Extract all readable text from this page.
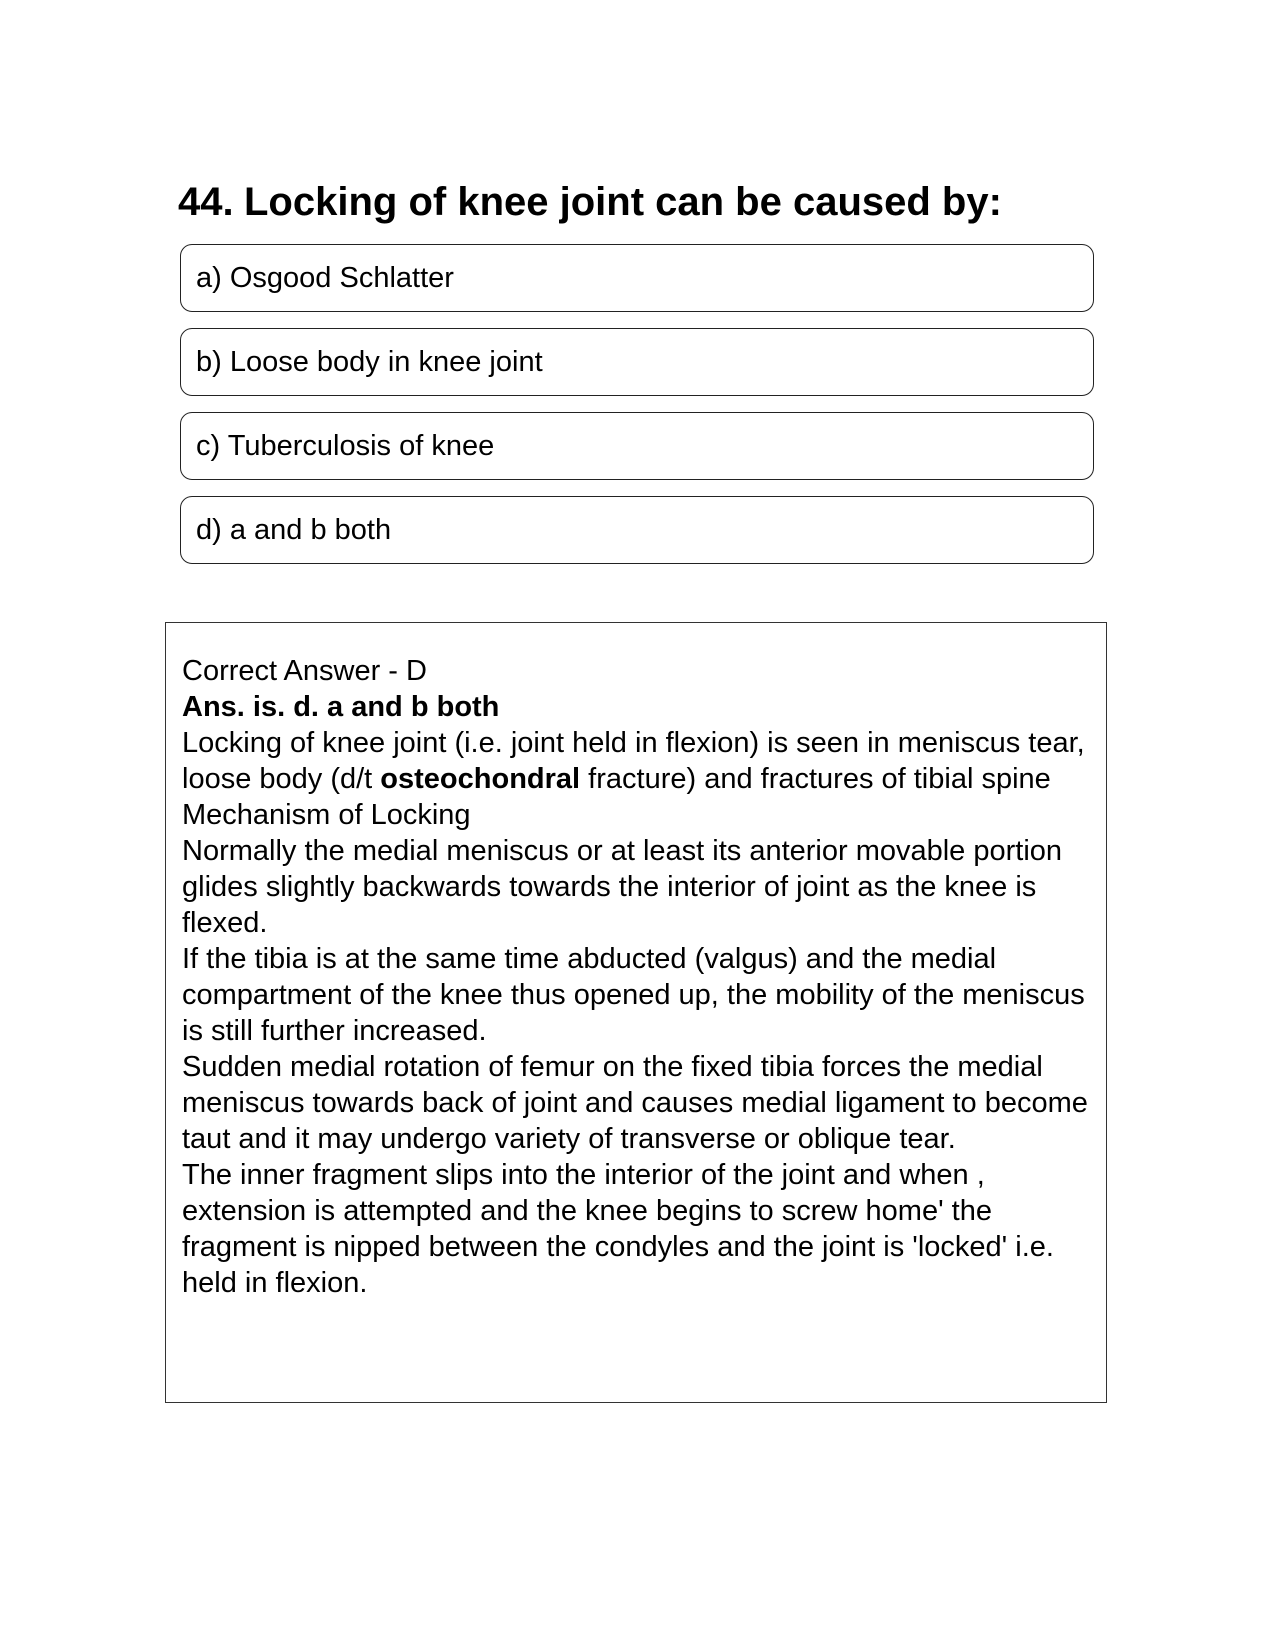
44. Locking of knee joint can be caused by:
a) Osgood Schlatter
b) Loose body in knee joint
c) Tuberculosis of knee
d) a and b both

Correct Answer - D

Ans. is. d. a and b both

Locking of knee joint (i.e. joint held in flexion) is seen in meniscus tear, loose body (d/t osteochondral fracture) and fractures of tibial spine

Mechanism of Locking

Normally the medial meniscus or at least its anterior movable portion glides slightly backwards towards the interior of joint as the knee is flexed.

If the tibia is at the same time abducted (valgus) and the medial compartment of the knee thus opened up, the mobility of the meniscus is still further increased.

Sudden medial rotation of femur on the fixed tibia forces the medial meniscus towards back of joint and causes medial ligament to become taut and it may undergo variety of transverse or oblique tear.

The inner fragment slips into the interior of the joint and when , extension is attempted and the knee begins to screw home' the fragment is nipped between the condyles and the joint is 'locked' i.e. held in flexion.
